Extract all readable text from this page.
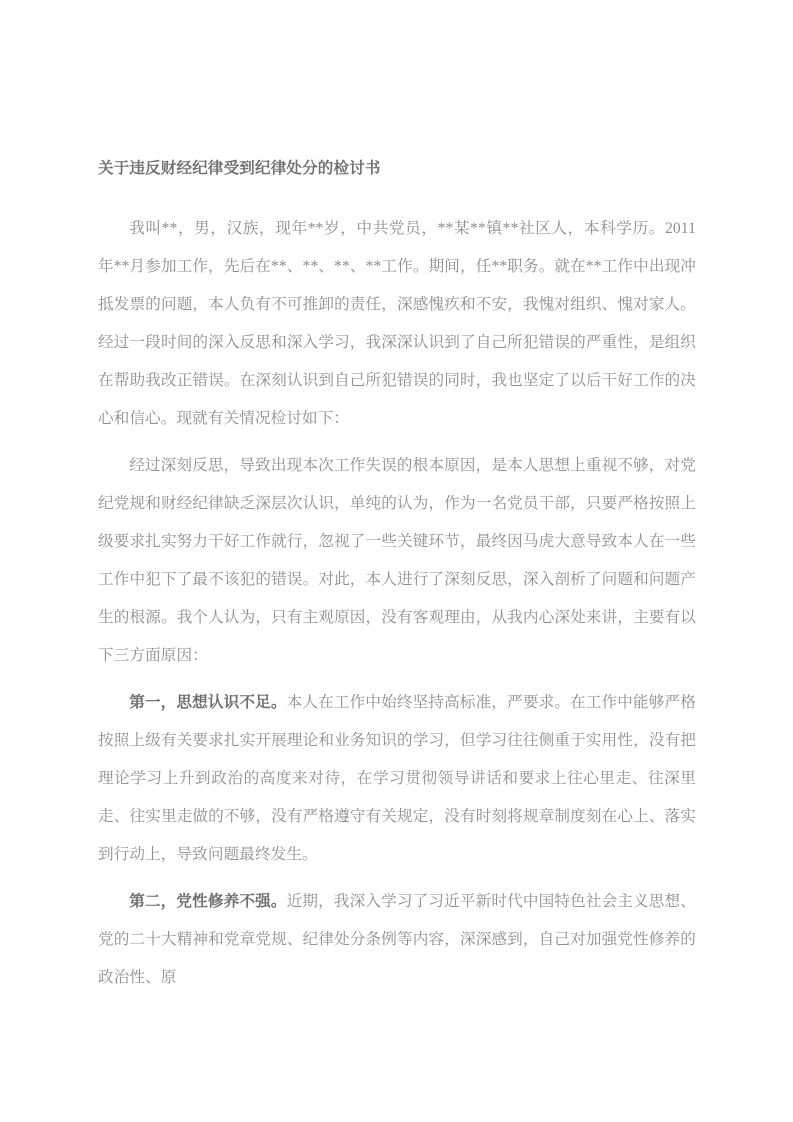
关于违反财经纪律受到纪律处分的检讨书

我叫**，男，汉族，现年**岁，中共党员，**某**镇**社区人，本科学历。2011 年**月参加工作，先后在**、**、**、**工作。期间，任**职务。就在**工作中出现冲抵发票的问题，本人负有不可推卸的责任，深感愧疚和不安，我愧对组织、愧对家人。经过一段时间的深入反思和深入学习，我深深认识到了自己所犯错误的严重性，是组织在帮助我改正错误。在深刻认识到自己所犯错误的同时，我也坚定了以后干好工作的决心和信心。现就有关情况检讨如下：

经过深刻反思，导致出现本次工作失误的根本原因，是本人思想上重视不够，对党纪党规和财经纪律缺乏深层次认识，单纯的认为，作为一名党员干部，只要严格按照上级要求扎实努力干好工作就行，忽视了一些关键环节，最终因马虎大意导致本人在一些工作中犯下了最不该犯的错误。对此，本人进行了深刻反思，深入剖析了问题和问题产生的根源。我个人认为，只有主观原因，没有客观理由，从我内心深处来讲，主要有以下三方面原因：

第一，思想认识不足。本人在工作中始终坚持高标准，严要求。在工作中能够严格按照上级有关要求扎实开展理论和业务知识的学习，但学习往往侧重于实用性，没有把理论学习上升到政治的高度来对待，在学习贯彻领导讲话和要求上往心里走、往深里走、往实里走做的不够，没有严格遵守有关规定，没有时刻将规章制度刻在心上、落实到行动上，导致问题最终发生。

第二，党性修养不强。近期，我深入学习了习近平新时代中国特色社会主义思想、党的二十大精神和党章党规、纪律处分条例等内容，深深感到，自己对加强党性修养的政治性、原
